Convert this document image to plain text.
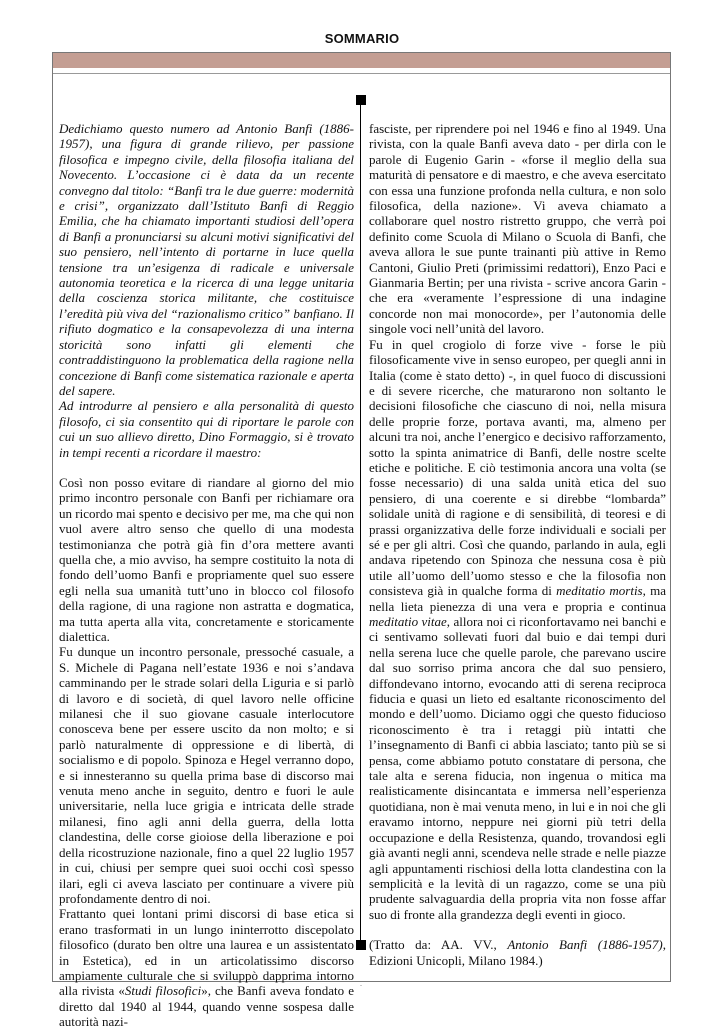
SOMMARIO

Dedichiamo questo numero ad Antonio Banfi (1886-1957), una figura di grande rilievo, per passione filosofica e impegno civile, della filosofia italiana del Novecento. L’occasione ci è data da un recente convegno dal titolo: “Banfi tra le due guerre: modernità e crisi”, organizzato dall’Istituto Banfi di Reggio Emilia, che ha chiamato importanti studiosi dell’opera di Banfi a pronunciarsi su alcuni motivi significativi del suo pensiero, nell’intento di portarne in luce quella tensione tra un’esigenza di radicale e universale autonomia teoretica e la ricerca di una legge unitaria della coscienza storica militante, che costituisce l’eredità più viva del “razionalismo critico” banfiano. Il rifiuto dogmatico e la consapevolezza di una interna storicità sono infatti gli elementi che contraddistinguono la problematica della ragione nella concezione di Banfi come sistematica razionale e aperta del sapere.

Ad introdurre al pensiero e alla personalità di questo filosofo, ci sia consentito qui di riportare le parole con cui un suo allievo diretto, Dino Formaggio, si è trovato in tempi recenti a ricordare il maestro:

Così non posso evitare di riandare al giorno del mio primo incontro personale con Banfi per richiamare ora un ricordo mai spento e decisivo per me, ma che qui non vuol avere altro senso che quello di una modesta testimonianza che potrà già fin d’ora mettere avanti quella che, a mio avviso, ha sempre costituito la nota di fondo dell’uomo Banfi e propriamente quel suo essere egli nella sua umanità tutt’uno in blocco col filosofo della ragione, di una ragione non astratta e dogmatica, ma tutta aperta alla vita, concretamente e storicamente dialettica.

Fu dunque un incontro personale, pressoché casuale, a S. Michele di Pagana nell’estate 1936 e noi s’andava camminando per le strade solari della Liguria e si parlò di lavoro e di società, di quel lavoro nelle officine milanesi che il suo giovane casuale interlocutore conosceva bene per essere uscito da non molto; e si parlò naturalmente di oppressione e di libertà, di socialismo e di popolo. Spinoza e Hegel verranno dopo, e si innesteranno su quella prima base di discorso mai venuta meno anche in seguito, dentro e fuori le aule universitarie, nella luce grigia e intricata delle strade milanesi, fino agli anni della guerra, della lotta clandestina, delle corse gioiose della liberazione e poi della ricostruzione nazionale, fino a quel 22 luglio 1957 in cui, chiusi per sempre quei suoi occhi così spesso ilari, egli ci aveva lasciato per continuare a vivere più profondamente dentro di noi.

Frattanto quei lontani primi discorsi di base etica si erano trasformati in un lungo ininterrotto discepolato filosofico (durato ben oltre una laurea e un assistentato in Estetica), ed in un articolatissimo discorso ampiamente culturale che si sviluppò dapprima intorno alla rivista «Studi filosofici», che Banfi aveva fondato e diretto dal 1940 al 1944, quando venne sospesa dalle autorità nazi-

fasciste, per riprendere poi nel 1946 e fino al 1949. Una rivista, con la quale Banfi aveva dato - per dirla con le parole di Eugenio Garin - «forse il meglio della sua maturità di pensatore e di maestro, e che aveva esercitato con essa una funzione profonda nella cultura, e non solo filosofica, della nazione». Vi aveva chiamato a collaborare quel nostro ristretto gruppo, che verrà poi definito come Scuola di Milano o Scuola di Banfi, che aveva allora le sue punte trainanti più attive in Remo Cantoni, Giulio Preti (primissimi redattori), Enzo Paci e Gianmaria Bertin; per una rivista - scrive ancora Garin - che era «veramente l’espressione di una indagine concorde non mai monocorde», per l’autonomia delle singole voci nell’unità del lavoro.

Fu in quel crogiolo di forze vive - forse le più filosoficamente vive in senso europeo, per quegli anni in Italia (come è stato detto) -, in quel fuoco di discussioni e di severe ricerche, che maturarono non soltanto le decisioni filosofiche che ciascuno di noi, nella misura delle proprie forze, portava avanti, ma, almeno per alcuni tra noi, anche l’energico e decisivo rafforzamento, sotto la spinta animatrice di Banfi, delle nostre scelte etiche e politiche. E ciò testimonia ancora una volta (se fosse necessario) di una salda unità etica del suo pensiero, di una coerente e si direbbe “lombarda” solidale unità di ragione e di sensibilità, di teoresi e di prassi organizzativa delle forze individuali e sociali per sé e per gli altri. Così che quando, parlando in aula, egli andava ripetendo con Spinoza che nessuna cosa è più utile all’uomo dell’uomo stesso e che la filosofia non consisteva già in qualche forma di meditatio mortis, ma nella lieta pienezza di una vera e propria e continua meditatio vitae, allora noi ci riconfortavamo nei banchi e ci sentivamo sollevati fuori dal buio e dai tempi duri nella serena luce che quelle parole, che parevano uscire dal suo sorriso prima ancora che dal suo pensiero, diffondevano intorno, evocando atti di serena reciproca fiducia e quasi un lieto ed esaltante riconoscimento del mondo e dell’uomo. Diciamo oggi che questo fiducioso riconoscimento è tra i retaggi più intatti che l’insegnamento di Banfi ci abbia lasciato; tanto più se si pensa, come abbiamo potuto constatare di persona, che tale alta e serena fiducia, non ingenua o mitica ma realisticamente disincantata e immersa nell’esperienza quotidiana, non è mai venuta meno, in lui e in noi che gli eravamo intorno, neppure nei giorni più tetri della occupazione e della Resistenza, quando, trovandosi egli già avanti negli anni, scendeva nelle strade e nelle piazze agli appuntamenti rischiosi della lotta clandestina con la semplicità e la levità di un ragazzo, come se una più prudente salvaguardia della propria vita non fosse affar suo di fronte alla grandezza degli eventi in gioco.

(Tratto da: AA. VV., Antonio Banfi (1886-1957), Edizioni Unicopli, Milano 1984.)

-
